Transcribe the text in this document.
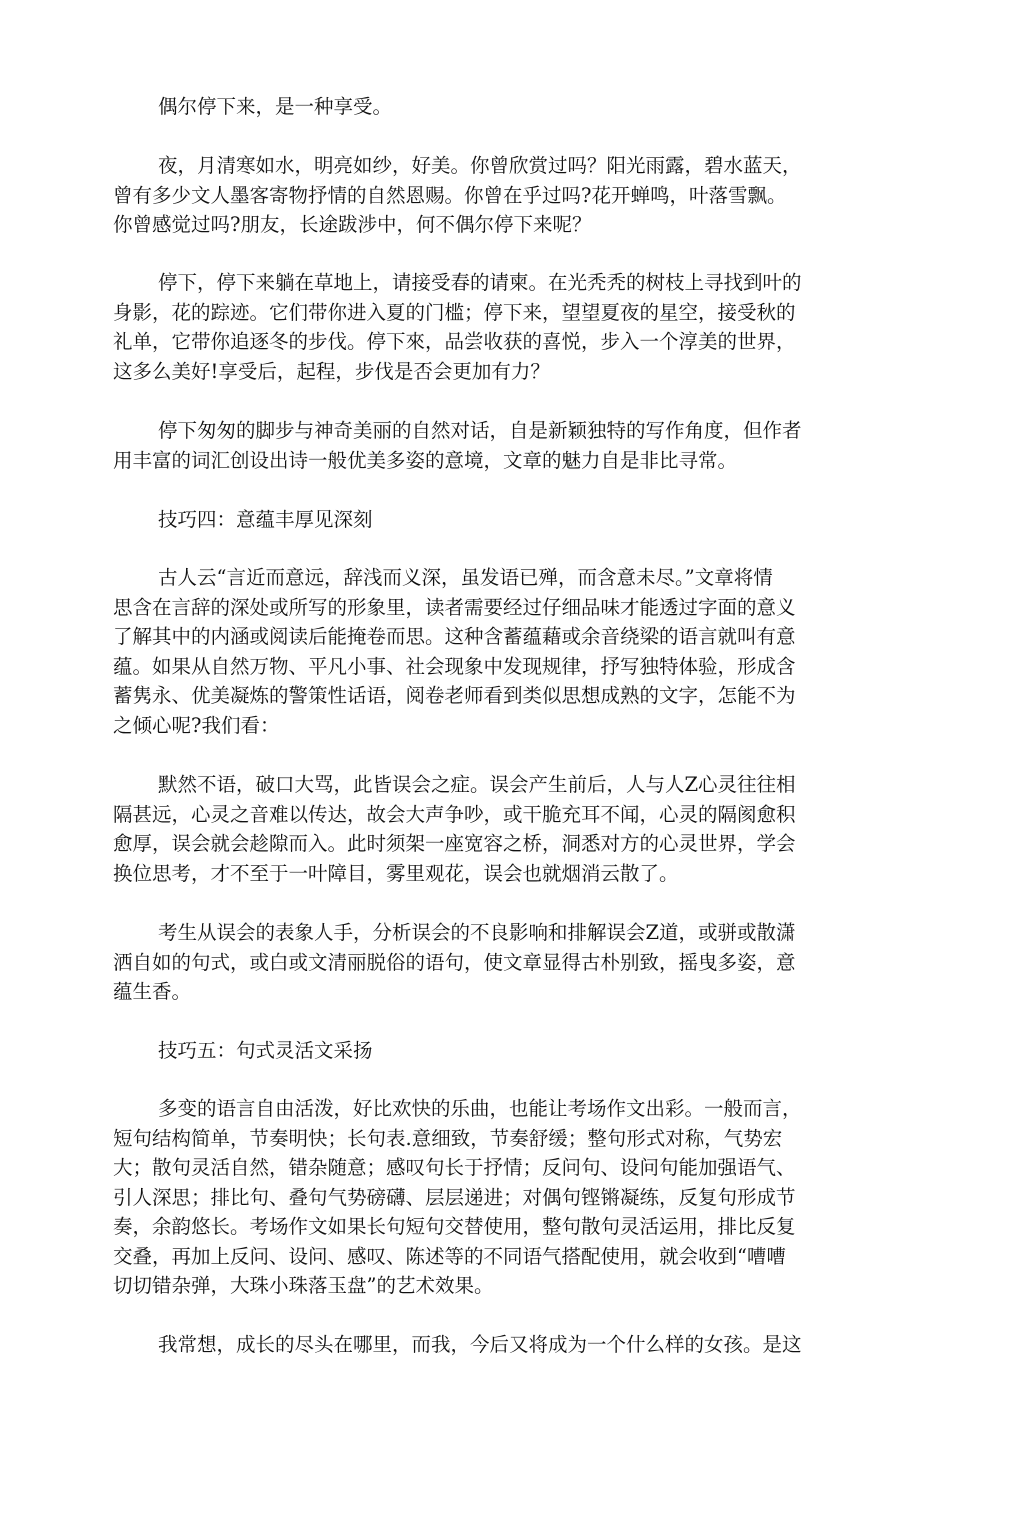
偶尔停下来，是一种享受。
夜，月清寒如水，明亮如纱，好美。你曾欣赏过吗？阳光雨露，碧水蓝天，
曾有多少文人墨客寄物抒情的自然恩赐。你曾在乎过吗?花开蝉鸣，叶落雪飘。
你曾感觉过吗?朋友，长途跋涉中，何不偶尔停下来呢？
停下，停下来躺在草地上，请接受春的请柬。在光秃秃的树枝上寻找到叶的
身影，花的踪迹。它们带你进入夏的门槛；停下来，望望夏夜的星空，接受秋的
礼单，它带你追逐冬的步伐。停下來，品尝收获的喜悦，步入一个淳美的世界，
这多么美好!享受后，起程，步伐是否会更加有力？
停下匆匆的脚步与神奇美丽的自然对话，自是新颖独特的写作角度，但作者
用丰富的词汇创设出诗一般优美多姿的意境，文章的魅力自是非比寻常。
技巧四：意蕴丰厚见深刻
古人云“言近而意远，辞浅而义深，虽发语已殚，而含意未尽。”文章将情
思含在言辞的深处或所写的形象里，读者需要经过仔细品味才能透过字面的意义
了解其中的内涵或阅读后能掩卷而思。这种含蓄蕴藉或余音绕梁的语言就叫有意
蕴。如果从自然万物、平凡小事、社会现象中发现规律，抒写独特体验，形成含
蓄隽永、优美凝炼的警策性话语，阅卷老师看到类似思想成熟的文字，怎能不为
之倾心呢?我们看：
默然不语，破口大骂，此皆误会之症。误会产生前后，人与人Z心灵往往相
隔甚远，心灵之音难以传达，故会大声争吵，或干脆充耳不闻，心灵的隔阂愈积
愈厚，误会就会趁隙而入。此时须架一座宽容之桥，洞悉对方的心灵世界，学会
换位思考，才不至于一叶障目，雾里观花，误会也就烟消云散了。
考生从误会的表象人手，分析误会的不良影响和排解误会Z道，或骈或散潇
洒自如的句式，或白或文清丽脱俗的语句，使文章显得古朴别致，摇曳多姿，意
蕴生香。
技巧五：句式灵活文采扬
多变的语言自由活泼，好比欢快的乐曲，也能让考场作文出彩。一般而言，
短句结构简单，节奏明快；长句表.意细致，节奏舒缓；整句形式对称，气势宏
大；散句灵活自然，错杂随意；感叹句长于抒情；反问句、设问句能加强语气、
引人深思；排比句、叠句气势磅礴、层层递进；对偶句铿锵凝练，反复句形成节
奏，余韵悠长。考场作文如果长句短句交替使用，整句散句灵活运用，排比反复
交叠，再加上反问、设问、感叹、陈述等的不同语气搭配使用，就会收到“嘈嘈
切切错杂弹，大珠小珠落玉盘”的艺术效果。
我常想，成长的尽头在哪里，而我，今后又将成为一个什么样的女孩。是这
